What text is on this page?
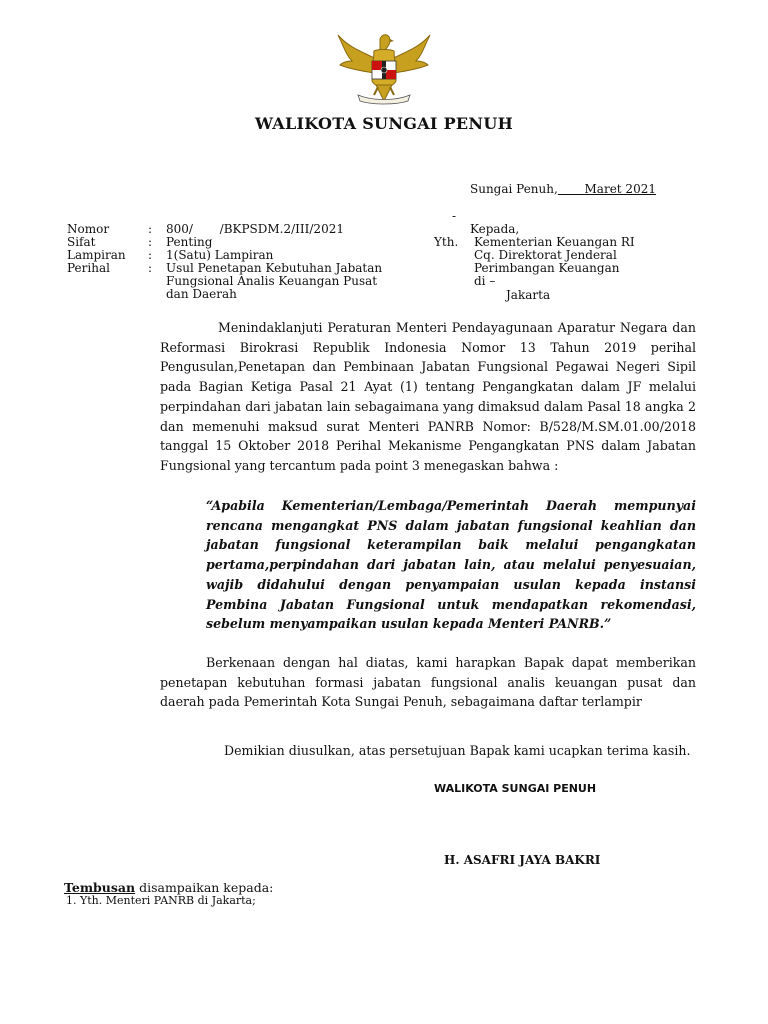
WALIKOTA SUNGAI PENUH
Sungai Penuh, Maret 2021
Nomor	: 800/       /BKPSDM.2/III/2021
Sifat	: Penting
Lampiran : 1(Satu) Lampiran
Perihal	: Usul Penetapan Kebutuhan Jabatan
Fungsional Analis Keuangan Pusat
dan Daerah
-
Kepada,
Yth. Kementerian Keuangan RI
Cq. Direktorat Jenderal
Perimbangan Keuangan
di –
Jakarta

Menindaklanjuti Peraturan Menteri Pendayagunaan Aparatur Negara dan Reformasi Birokrasi Republik Indonesia Nomor 13 Tahun 2019 perihal Pengusulan,Penetapan dan Pembinaan Jabatan Fungsional Pegawai Negeri Sipil pada Bagian Ketiga Pasal 21 Ayat (1) tentang Pengangkatan dalam JF melalui perpindahan dari jabatan lain sebagaimana yang dimaksud dalam Pasal 18 angka 2 dan memenuhi maksud surat Menteri PANRB Nomor: B/528/M.SM.01.00/2018 tanggal 15 Oktober 2018 Perihal Mekanisme Pengangkatan PNS dalam Jabatan Fungsional yang tercantum pada point 3 menegaskan bahwa :

“Apabila Kementerian/Lembaga/Pemerintah Daerah mempunyai rencana mengangkat PNS dalam jabatan fungsional keahlian dan jabatan fungsional keterampilan baik melalui pengangkatan pertama,perpindahan dari jabatan lain, atau melalui penyesuaian, wajib didahului dengan penyampaian usulan kepada instansi Pembina Jabatan Fungsional untuk mendapatkan rekomendasi, sebelum menyampaikan usulan kepada Menteri PANRB.”

Berkenaan dengan hal diatas, kami harapkan Bapak dapat memberikan penetapan kebutuhan formasi jabatan fungsional analis keuangan pusat dan daerah pada Pemerintah Kota Sungai Penuh, sebagaimana daftar terlampir

Demikian diusulkan, atas persetujuan Bapak kami ucapkan terima kasih.

WALIKOTA SUNGAI PENUH
H. ASAFRI JAYA BAKRI
Tembusan disampaikan kepada:
1. Yth. Menteri PANRB di Jakarta;
